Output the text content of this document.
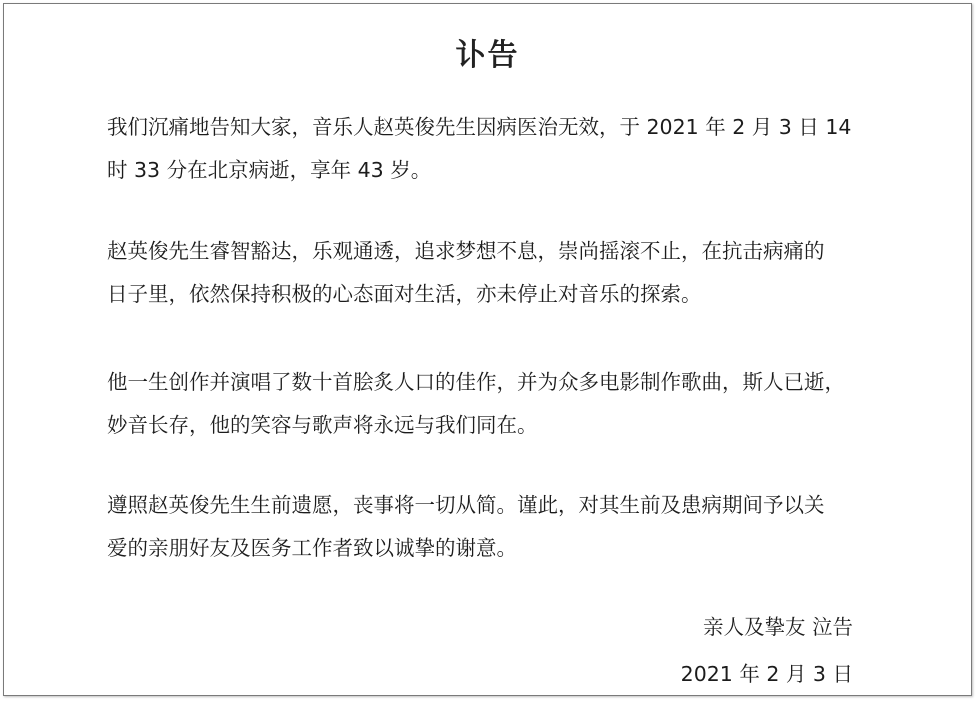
讣告
我们沉痛地告知大家，音乐人赵英俊先生因病医治无效，于 2021 年 2 月 3 日 14
时 33 分在北京病逝，享年 43 岁。
赵英俊先生睿智豁达，乐观通透，追求梦想不息，崇尚摇滚不止，在抗击病痛的
日子里，依然保持积极的心态面对生活，亦未停止对音乐的探索。
他一生创作并演唱了数十首脍炙人口的佳作，并为众多电影制作歌曲，斯人已逝，
妙音长存，他的笑容与歌声将永远与我们同在。
遵照赵英俊先生生前遗愿，丧事将一切从简。谨此，对其生前及患病期间予以关
爱的亲朋好友及医务工作者致以诚挚的谢意。
亲人及挚友 泣告
2021 年 2 月 3 日
